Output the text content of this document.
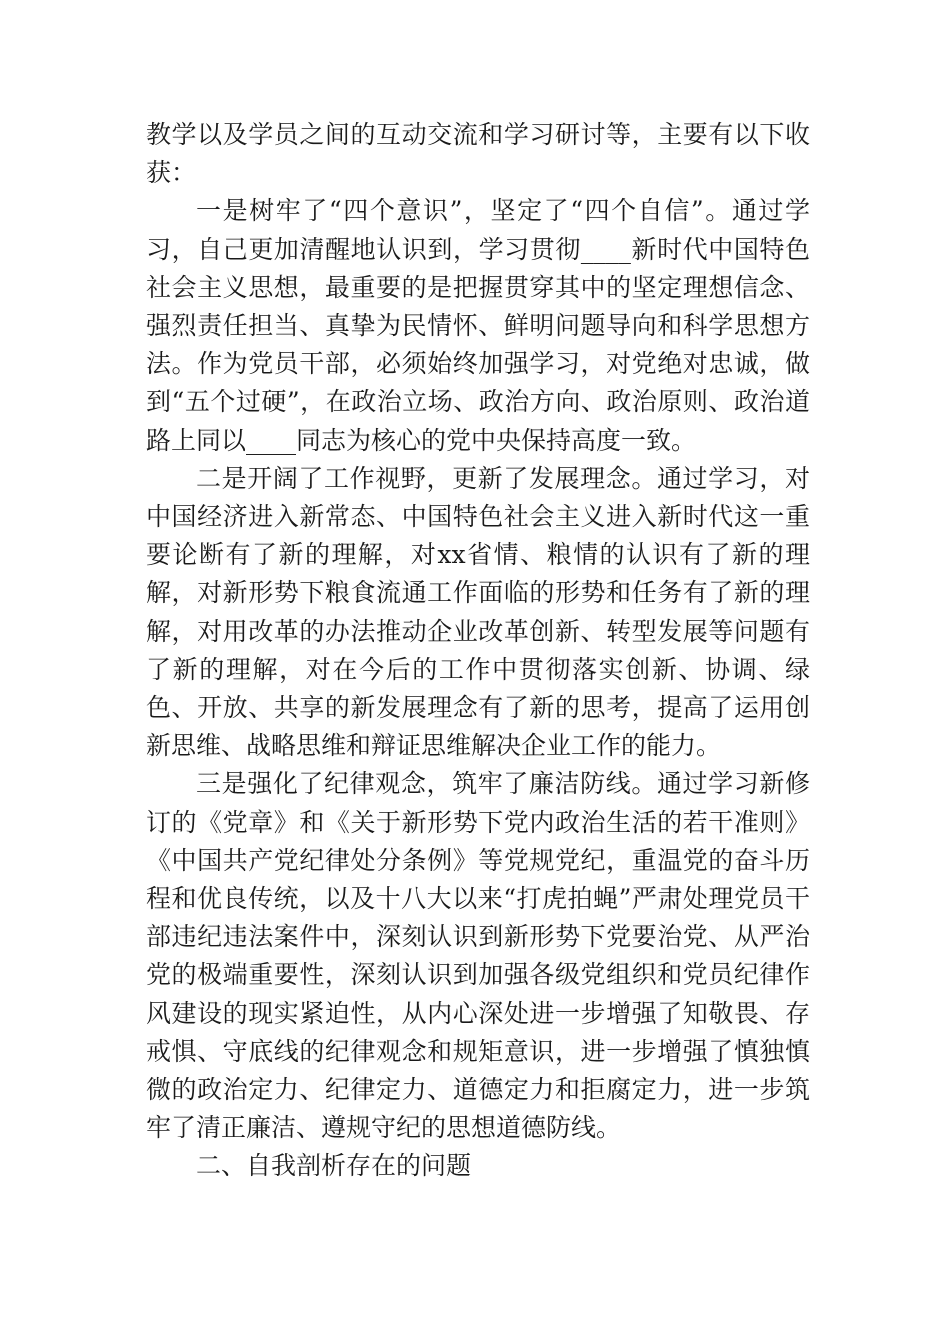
教学以及学员之间的互动交流和学习研讨等，主要有以下收获：

一是树牢了“四个意识”，坚定了“四个自信”。通过学习，自己更加清醒地认识到，学习贯彻____新时代中国特色社会主义思想，最重要的是把握贯穿其中的坚定理想信念、强烈责任担当、真挚为民情怀、鲜明问题导向和科学思想方法。作为党员干部，必须始终加强学习，对党绝对忠诚，做到“五个过硬”，在政治立场、政治方向、政治原则、政治道路上同以____同志为核心的党中央保持高度一致。

二是开阔了工作视野，更新了发展理念。通过学习，对中国经济进入新常态、中国特色社会主义进入新时代这一重要论断有了新的理解，对xx省情、粮情的认识有了新的理解，对新形势下粮食流通工作面临的形势和任务有了新的理解，对用改革的办法推动企业改革创新、转型发展等问题有了新的理解，对在今后的工作中贯彻落实创新、协调、绿色、开放、共享的新发展理念有了新的思考，提高了运用创新思维、战略思维和辩证思维解决企业工作的能力。

三是强化了纪律观念，筑牢了廉洁防线。通过学习新修订的《党章》和《关于新形势下党内政治生活的若干准则》《中国共产党纪律处分条例》等党规党纪，重温党的奋斗历程和优良传统，以及十八大以来“打虎拍蝇”严肃处理党员干部违纪违法案件中，深刻认识到新形势下党要治党、从严治党的极端重要性，深刻认识到加强各级党组织和党员纪律作风建设的现实紧迫性，从内心深处进一步增强了知敬畏、存戒惧、守底线的纪律观念和规矩意识，进一步增强了慎独慎微的政治定力、纪律定力、道德定力和拒腐定力，进一步筑牢了清正廉洁、遵规守纪的思想道德防线。

二、自我剖析存在的问题
